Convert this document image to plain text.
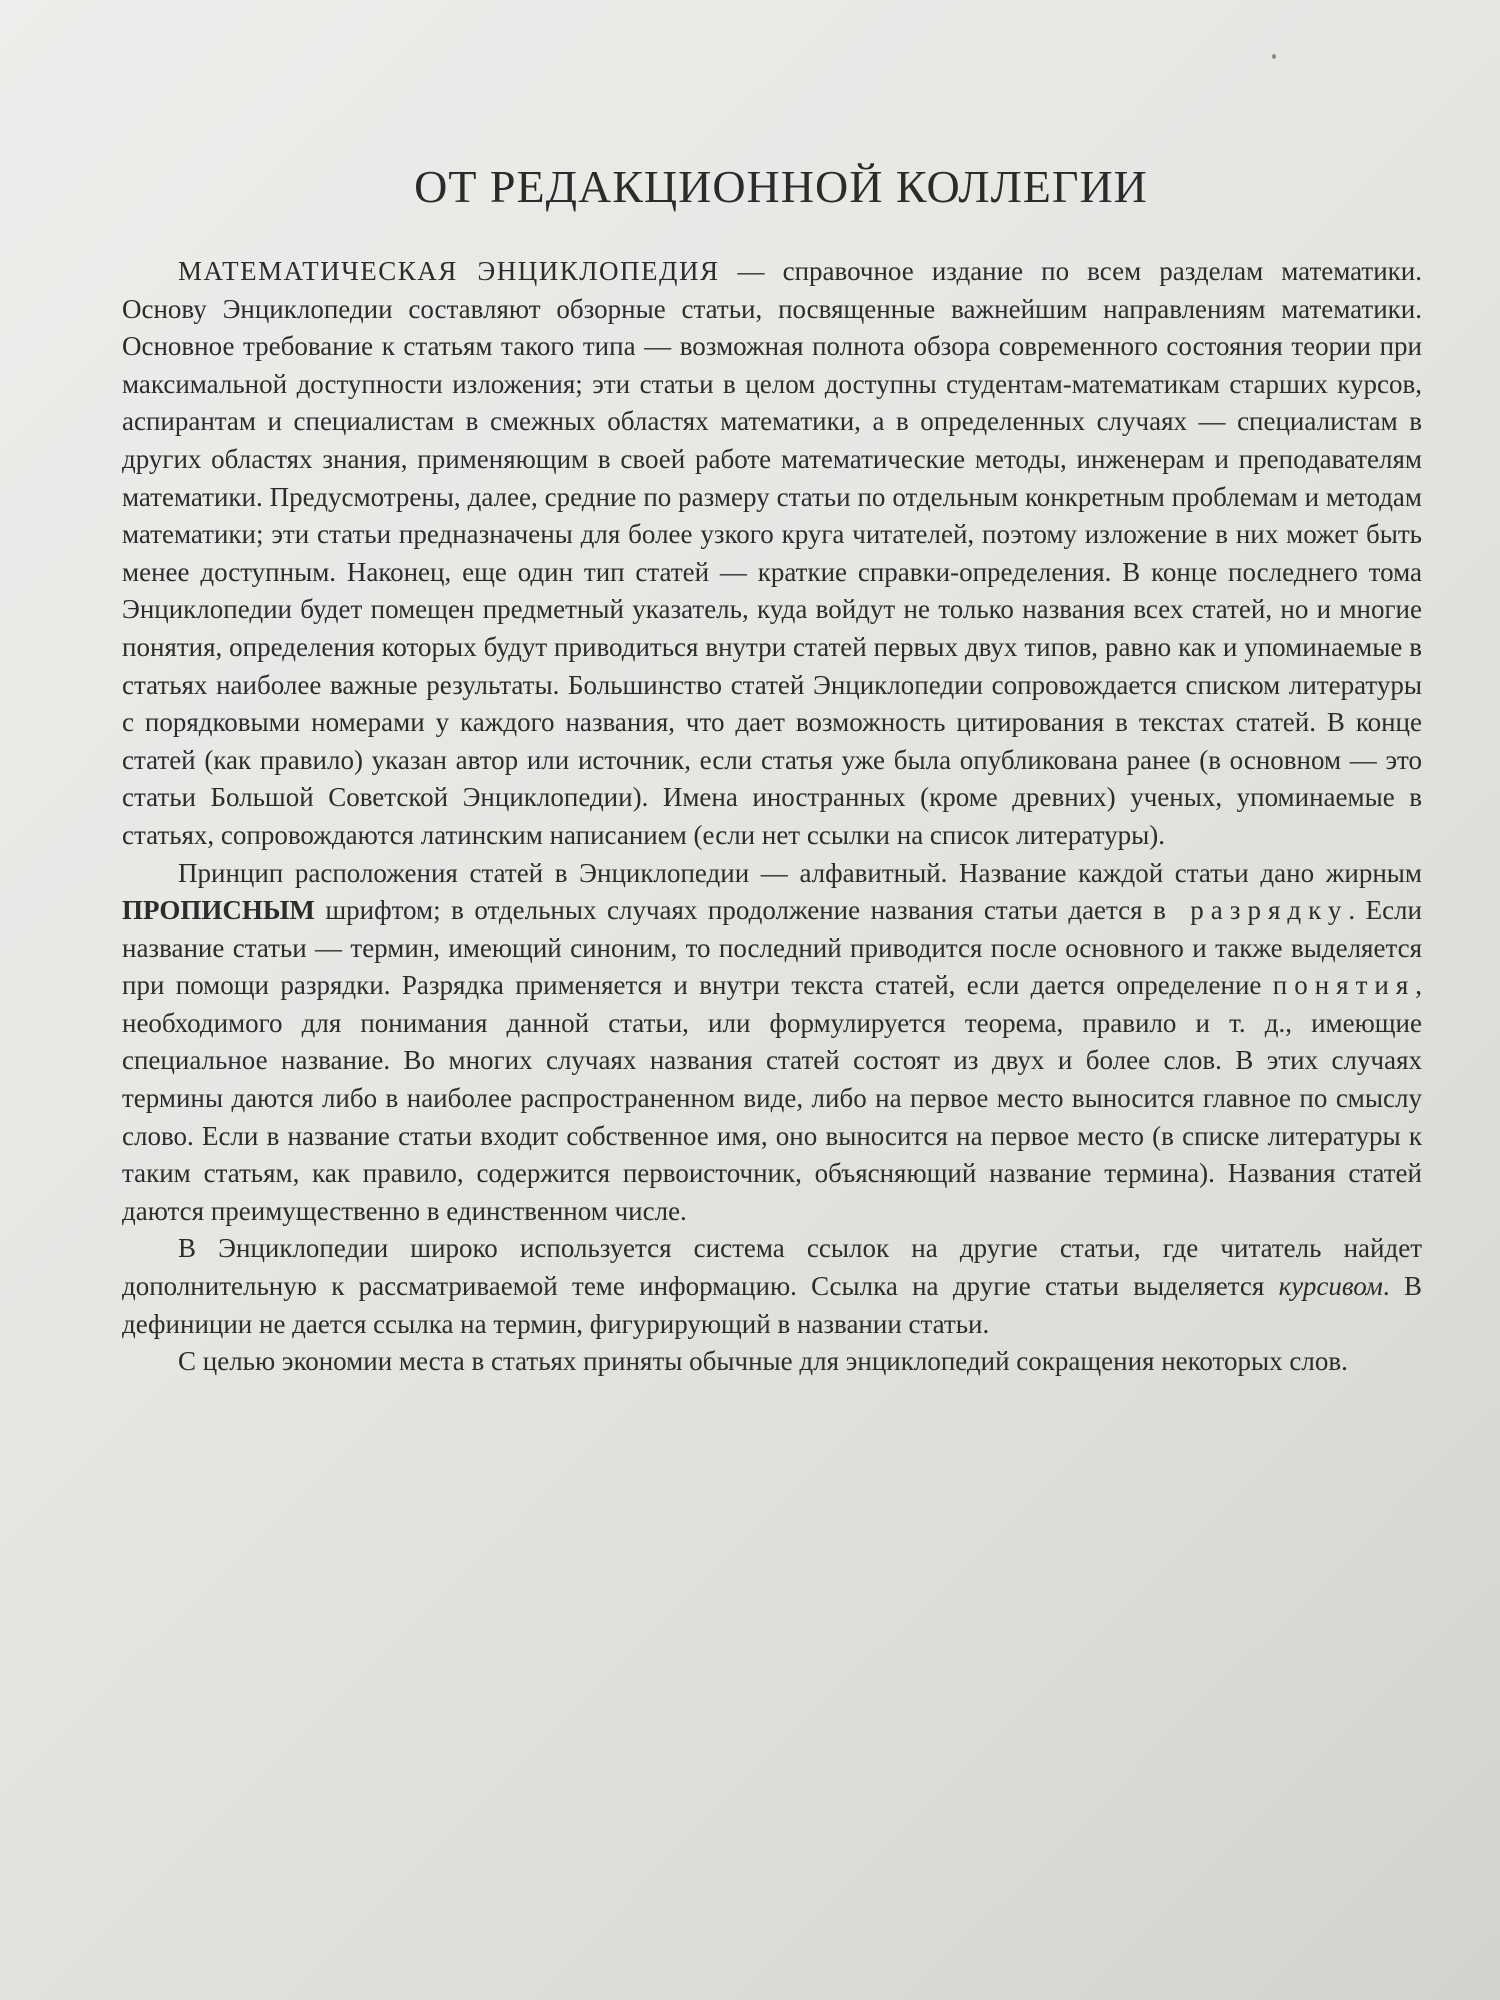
ОТ РЕДАКЦИОННОЙ КОЛЛЕГИИ

МАТЕМАТИЧЕСКАЯ ЭНЦИКЛОПЕДИЯ — справочное издание по всем разделам математики. Основу Энциклопедии составляют обзорные статьи, посвященные важнейшим направлениям математики. Основное требование к статьям такого типа — возможная полнота обзора современного состояния теории при максимальной доступности изложения; эти статьи в целом доступны студентам-математикам старших курсов, аспирантам и специалистам в смежных областях математики, а в определенных случаях — специалистам в других областях знания, применяющим в своей работе математические методы, инженерам и преподавателям математики. Предусмотрены, далее, средние по размеру статьи по отдельным конкретным проблемам и методам математики; эти статьи предназначены для более узкого круга читателей, поэтому изложение в них может быть менее доступным. Наконец, еще один тип статей — краткие справки-определения. В конце последнего тома Энциклопедии будет помещен предметный указатель, куда войдут не только названия всех статей, но и многие понятия, определения которых будут приводиться внутри статей первых двух типов, равно как и упоминаемые в статьях наиболее важные результаты. Большинство статей Энциклопедии сопровождается списком литературы с порядковыми номерами у каждого названия, что дает возможность цитирования в текстах статей. В конце статей (как правило) указан автор или источник, если статья уже была опубликована ранее (в основном — это статьи Большой Советской Энциклопедии). Имена иностранных (кроме древних) ученых, упоминаемые в статьях, сопровождаются латинским написанием (если нет ссылки на список литературы).

Принцип расположения статей в Энциклопедии — алфавитный. Название каждой статьи дано жирным ПРОПИСНЫМ шрифтом; в отдельных случаях продолжение названия статьи дается в разрядку. Если название статьи — термин, имеющий синоним, то последний приводится после основного и также выделяется при помощи разрядки. Разрядка применяется и внутри текста статей, если дается определение понятия, необходимого для понимания данной статьи, или формулируется теорема, правило и т. д., имеющие специальное название. Во многих случаях названия статей состоят из двух и более слов. В этих случаях термины даются либо в наиболее распространенном виде, либо на первое место выносится главное по смыслу слово. Если в название статьи входит собственное имя, оно выносится на первое место (в списке литературы к таким статьям, как правило, содержится первоисточник, объясняющий название термина). Названия статей даются преимущественно в единственном числе.

В Энциклопедии широко используется система ссылок на другие статьи, где читатель найдет дополнительную к рассматриваемой теме информацию. Ссылка на другие статьи выделяется курсивом. В дефиниции не дается ссылка на термин, фигурирующий в названии статьи.

С целью экономии места в статьях приняты обычные для энциклопедий сокращения некоторых слов.
